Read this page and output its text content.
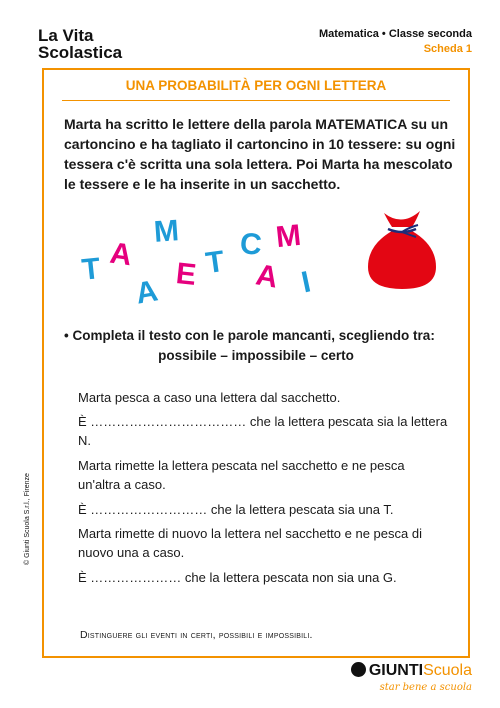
La Vita
Scolastica
Matematica • Classe seconda
Scheda 1
UNA PROBABILITÀ PER OGNI LETTERA
Marta ha scritto le lettere della parola MATEMATICA su un cartoncino e ha tagliato il cartoncino in 10 tessere: su ogni tessera c'è scritta una sola lettera. Poi Marta ha mescolato le tessere e le ha inserite in un sacchetto.
T A
M
A E T
C M
A I
• Completa il testo con le parole mancanti, scegliendo tra:
possibile – impossibile – certo
Marta pesca a caso una lettera dal sacchetto.
È ……………………………… che la lettera pescata sia la lettera N.
Marta rimette la lettera pescata nel sacchetto e ne pesca un'altra a caso.
È ……………………… che la lettera pescata sia una T.
Marta rimette di nuovo la lettera nel sacchetto e ne pesca di nuovo una a caso.
È ………………… che la lettera pescata non sia una G.
Distinguere gli eventi in certi, possibili e impossibili.
© Giunti Scuola S.r.l., Firenze
GIUNTIScuola
star bene a scuola
